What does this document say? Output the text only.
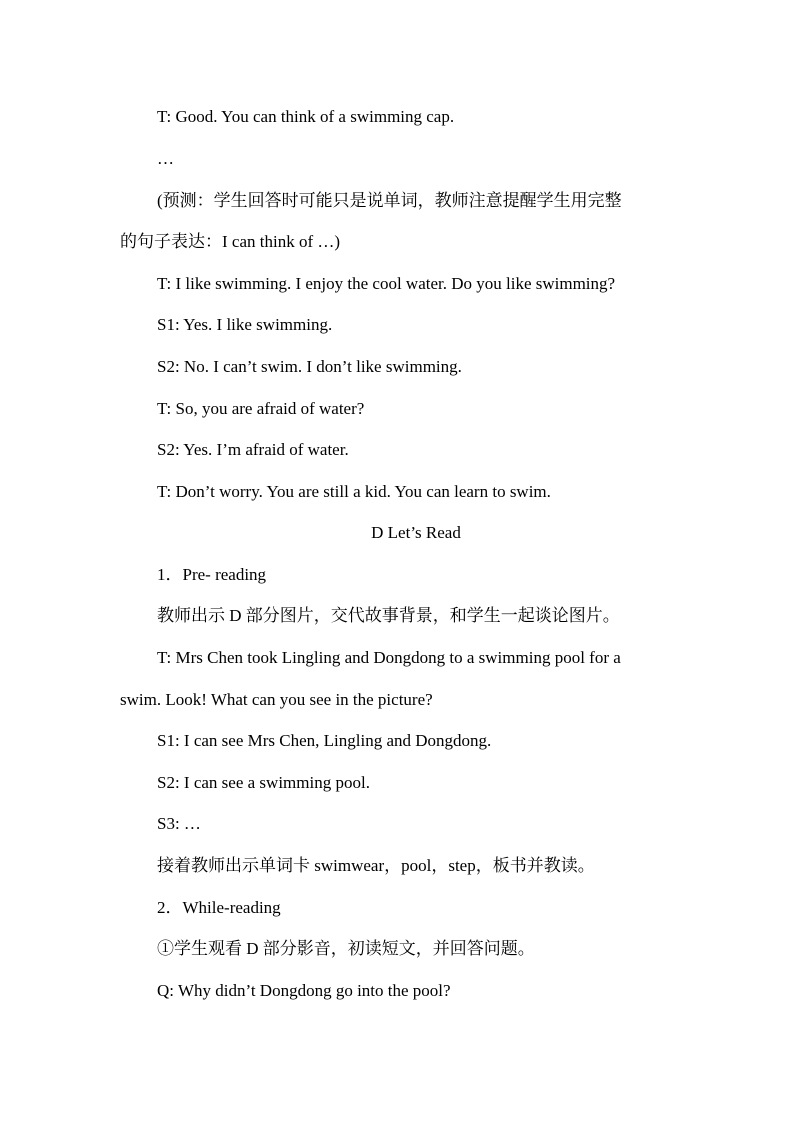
T: Good. You can think of a swimming cap.
…
(预测：学生回答时可能只是说单词，教师注意提醒学生用完整
的句子表达：I can think of …)
T: I like swimming. I enjoy the cool water. Do you like swimming?
S1: Yes. I like swimming.
S2: No. I can’t swim. I don’t like swimming.
T: So, you are afraid of water?
S2: Yes. I’m afraid of water.
T: Don’t worry. You are still a kid. You can learn to swim.
D Let’s Read
1．Pre- reading
教师出示 D 部分图片，交代故事背景，和学生一起谈论图片。
T: Mrs Chen took Lingling and Dongdong to a swimming pool for a
swim. Look! What can you see in the picture?
S1: I can see Mrs Chen, Lingling and Dongdong.
S2: I can see a swimming pool.
S3: …
接着教师出示单词卡 swimwear，pool，step，板书并教读。
2．While-reading
①学生观看 D 部分影音，初读短文，并回答问题。
Q: Why didn’t Dongdong go into the pool?
